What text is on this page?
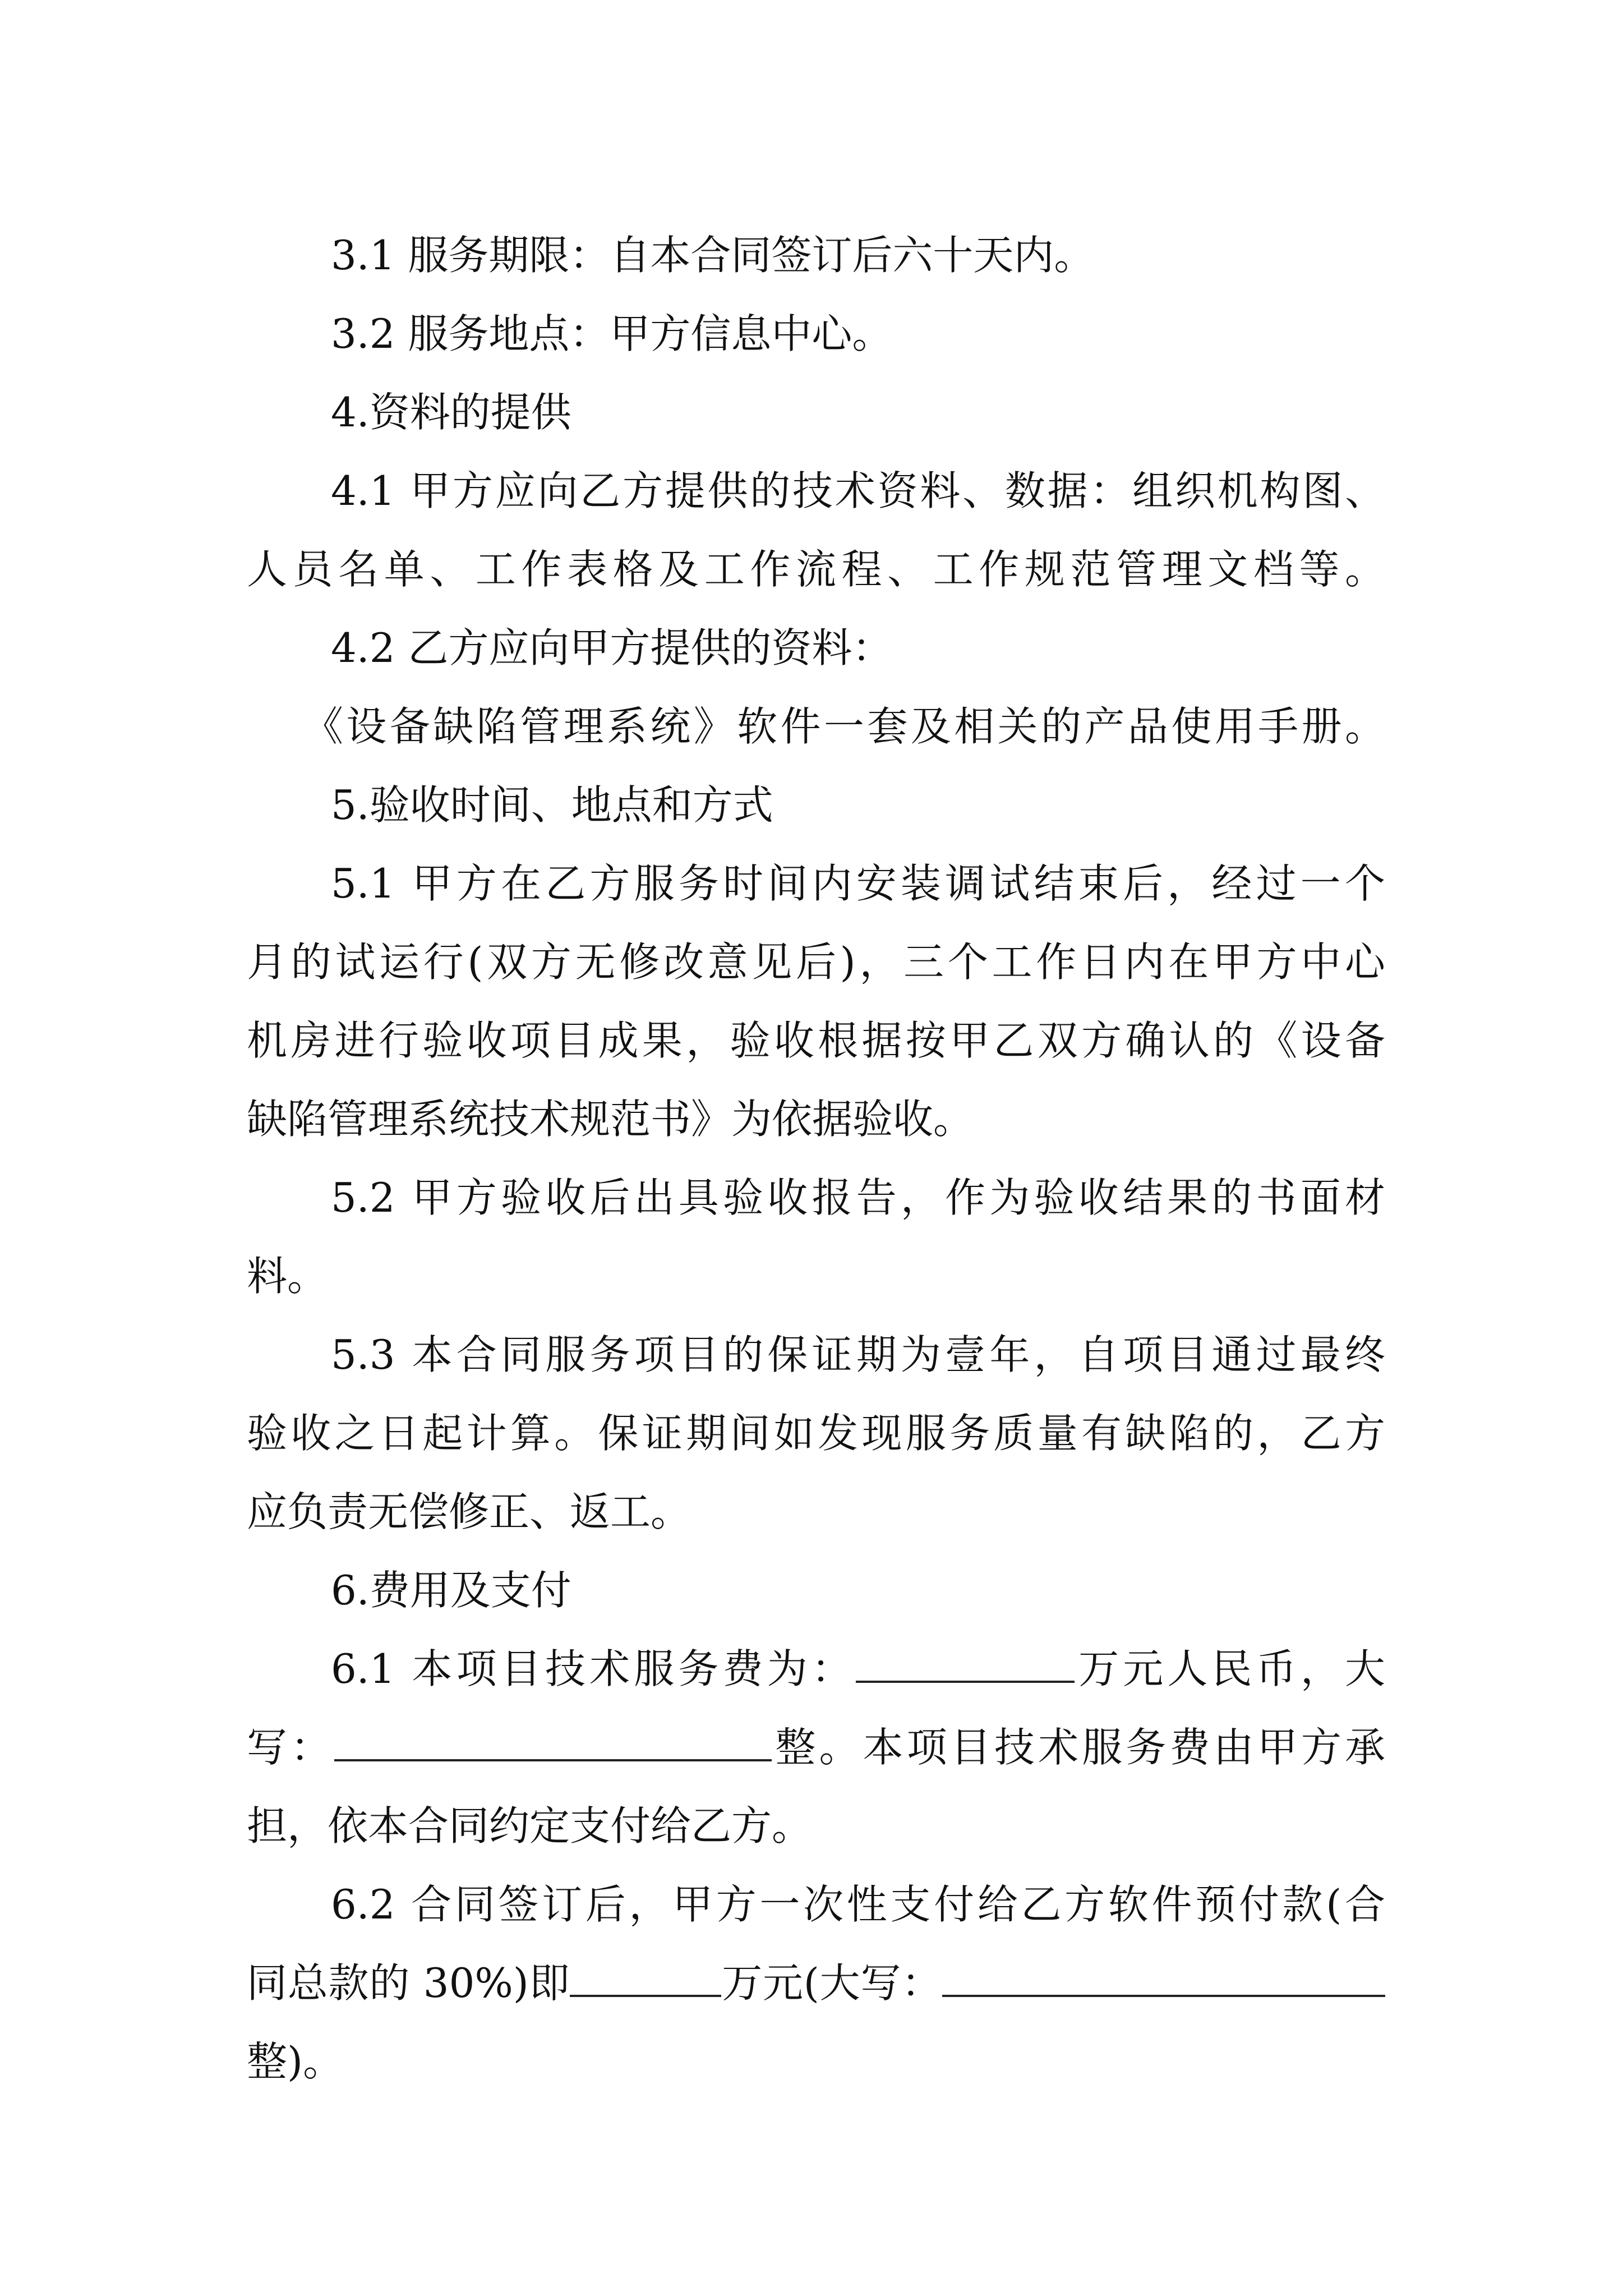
3.1 服务期限：自本合同签订后六十天内。

3.2 服务地点：甲方信息中心。

4.资料的提供

4.1 甲方应向乙方提供的技术资料、数据：组织机构图、

人员名单、工作表格及工作流程、工作规范管理文档等。

4.2 乙方应向甲方提供的资料：

《设备缺陷管理系统》软件一套及相关的产品使用手册。

5.验收时间、地点和方式

5.1 甲方在乙方服务时间内安装调试结束后，经过一个

月的试运行(双方无修改意见后)，三个工作日内在甲方中心

机房进行验收项目成果，验收根据按甲乙双方确认的《设备

缺陷管理系统技术规范书》为依据验收。

5.2 甲方验收后出具验收报告，作为验收结果的书面材

料。

5.3 本合同服务项目的保证期为壹年，自项目通过最终

验收之日起计算。保证期间如发现服务质量有缺陷的，乙方

应负责无偿修正、返工。

6.费用及支付

6.1 本项目技术服务费为：	万元人民币，大

写：	整。本项目技术服务费由甲方承

担，依本合同约定支付给乙方。

6.2 合同签订后，甲方一次性支付给乙方软件预付款(合

同总款的 30%)即	万元(大写：

整)。
